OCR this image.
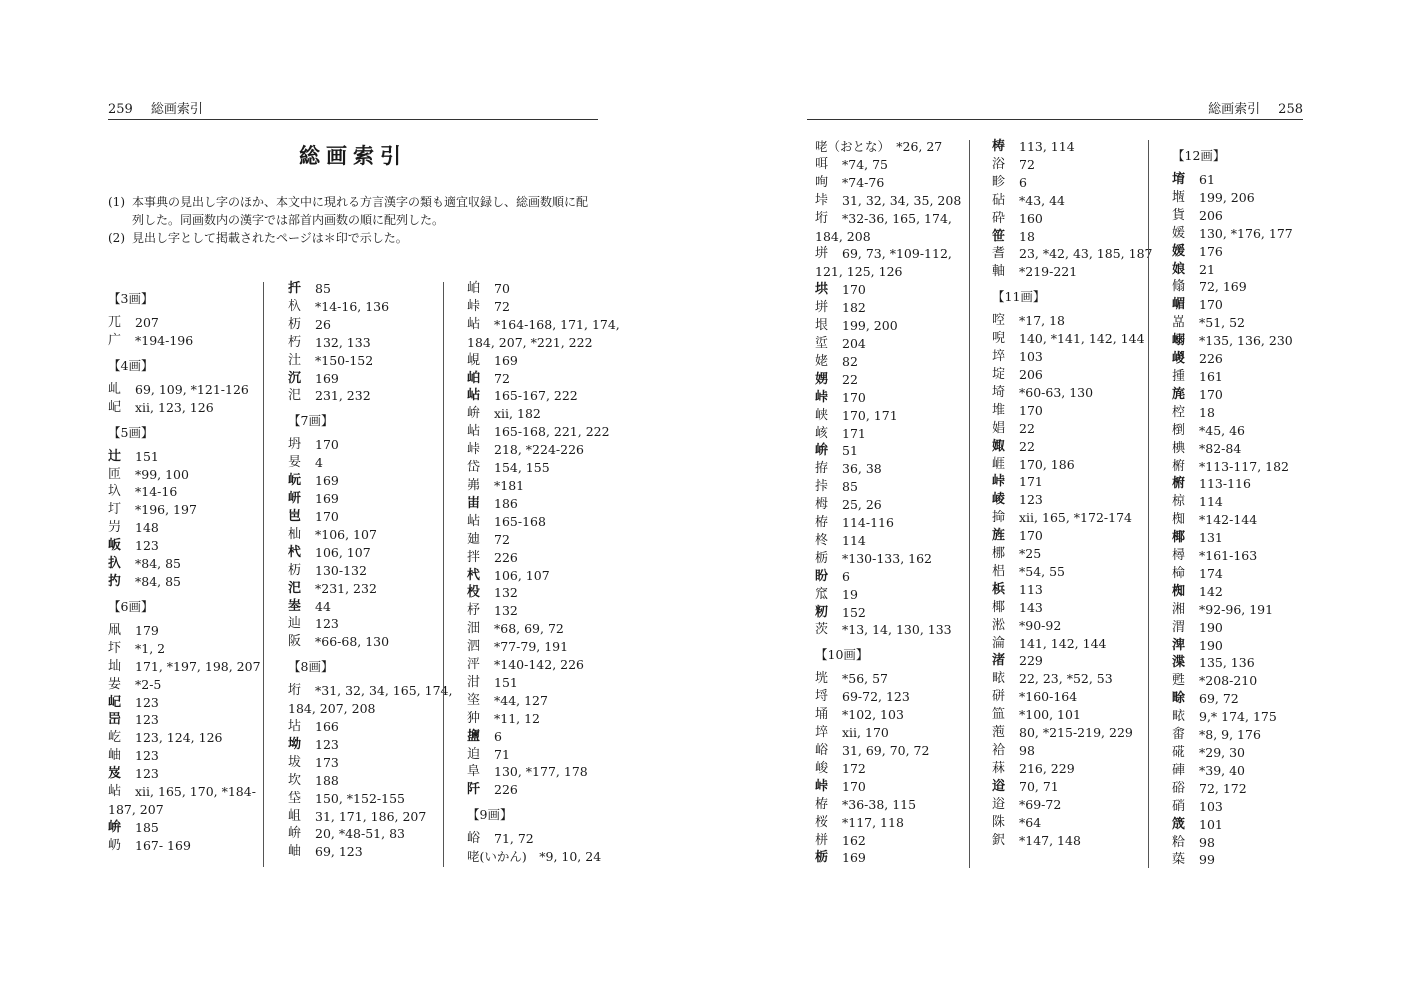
259 総画索引
総画索引
(1) 本事典の見出し字のほか、本文中に現れる方言漢字の類も適宜収録し、総画数順に配列した。同画数内の漢字では部首内画数の順に配列した。
(2) 見出し字として掲載されたページは＊印で示した。
【3画】
兀	207
广	*194-196
【4画】
乢	69, 109, *121-126
屺	xii, 123, 126
【5画】
辻	151
匝	*99, 100
圦	*14-16
圢	*196, 197
屶	148
岅	123
扖	*84, 85
扚	*84, 85
【6画】
凧	179
圷	*1, 2
圸	171, *197, 198, 207
妛	*2-5
屺	123
岊	123
屹	123, 124, 126
岫	123
岌	123
岾	xii, 165, 170, *184-
187, 207
峅	185
屷	167- 169
扦	85
杁	*14-16, 136
杤	26
朽	132, 133
汢	*150-152
沉	169
汜	231, 232
【7画】
坍	170
妟	4
岏	169
岍	169
岜	170
杣	*106, 107
杙	106, 107
杤	130-132
汜	*231, 232
峚	44
辿	123
阪	*66-68, 130
【8画】
垳	*31, 32, 34, 165, 174,
184, 207, 208
坫	166
坳	123
坺	173
坎	188
垈	150, *152-155
岨	31, 171, 186, 207
峅	20, *48-51, 83
岫	69, 123
岶	70
峠	72
岾	*164-168, 171, 174,
184, 207, *221, 222
峴	169
岶	72
岾	165-167, 222
峅	xii, 182
岾	165-168, 221, 222
峠	218, *224-226
岱	154, 155
岪	*181
峀	186
岾	165-168
廸	72
拌	226
杙	106, 107
杸	132
杼	132
沺	*68, 69, 72
泗	*77-79, 191
泙	*140-142, 226
泔	151
垐	*44, 127
狆	*11, 12
䀋	6
迫	71
阜	130, *177, 178
阡	226
【9画】
峪	71, 72
咾(いかん)　*9, 10, 24
総画索引 258
咾（おとな）　*26, 27
咡	*74, 75
咰	*74-76
垰	31, 32, 34, 35, 208
垳	*32-36, 165, 174,
184, 208
垪	69, 73, *109-112,
121, 125, 126
垬	170
垪	182
垠	199, 200
垽	204
姥	82
娚	22
峠	170
峡	170, 171
峐	171
峅	51
拵	36, 38
挊	85
栂	25, 26
栫	114-116
柊	114
栃	*130-133, 162
盼	6
窊	19
籾	152
茨	*13, 14, 130, 133
【10画】
垙	*56, 57
埒	69-72, 123
埇	*102, 103
埣	xii, 170
峪	31, 69, 70, 72
峻	172
峠	170
栫	*36-38, 115
桜	*117, 118
栟	162
栃	169
梼	113, 114
浴	72
畛	6
砧	*43, 44
砕	160
笹	18
耆	23, *42, 43, 185, 187
軸	*219-221
【11画】
啌	*17, 18
唲	140, *141, 142, 144
埣	103
埞	206
埼	*60-63, 130
堆	170
娼	22
娵	22
崕	170, 186
峠	171
崚	123
掵	xii, 165, *172-174
旌	170
梛	*25
梠	*54, 55
梹	113
椰	143
淞	*90-92
淪	141, 142, 144
渚	229
畩	22, 23, *52, 53
硑	*160-164
笽	*100, 101
萢	80, *215-219, 229
袷	98
菻	216, 229
逧	70, 71
逧	*69-72
陎	*64
鈬	*147, 148
【12画】
堉	61
堩	199, 206
貨	206
媛	130, *176, 177
媛	176
娘	21
翛	72, 169
嵋	170
嵓	*51, 52
嵶	*135, 136, 230
嵕	226
揰	161
旄	170
椌	18
椡	*45, 46
椣	*82-84
椨	*113-117, 182
椨	113-116
椋	114
椥	*142-144
椰	131
樳	*161-163
椧	174
椥	142
湘	*92-96, 191
渭	190
渒	190
渫	135, 136
甦	*208-210
畭	69, 72
畩	9,* 174, 175
畬	*8, 9, 176
硴	*29, 30
硨	*39, 40
硲	72, 172
硝	103
筬	101
粭	98
蒅	99
